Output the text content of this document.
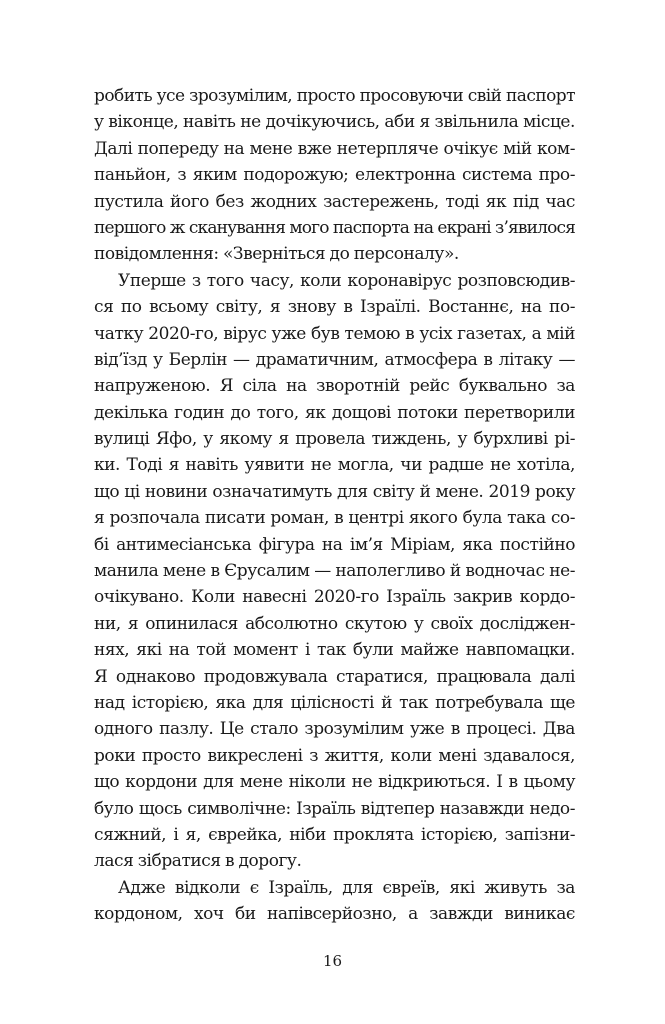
робить усе зрозумілим, просто просовуючи свій паспорт
у віконце, навіть не дочікуючись, аби я звільнила місце.
Далі попереду на мене вже нетерпляче очікує мій ком-
паньйон, з яким подорожую; електронна система про-
пустила його без жодних застережень, тоді як під час
першого ж сканування мого паспорта на екрані з’явилося
повідомлення: «Зверніться до персоналу».
Уперше з того часу, коли коронавірус розповсюдив-
ся по всьому світу, я знову в Ізраїлі. Востаннє, на по-
чатку 2020-го, вірус уже був темою в усіх газетах, а мій
від’їзд у Берлін — драматичним, атмосфера в літаку —
напруженою. Я сіла на зворотній рейс буквально за
декілька годин до того, як дощові потоки перетворили
вулиці Яфо, у якому я провела тиждень, у бурхливі рі-
ки. Тоді я навіть уявити не могла, чи радше не хотіла,
що ці новини означатимуть для світу й мене. 2019 року
я розпочала писати роман, в центрі якого була така со-
бі антимесіанська фігура на ім’я Міріам, яка постійно
манила мене в Єрусалим — наполегливо й водночас не-
очікувано. Коли навесні 2020-го Ізраїль закрив кордо-
ни, я опинилася абсолютно скутою у своїх досліджен-
нях, які на той момент і так були майже навпомацки.
Я однаково продовжувала старатися, працювала далі
над історією, яка для цілісності й так потребувала ще
одного пазлу. Це стало зрозумілим уже в процесі. Два
роки просто викреслені з життя, коли мені здавалося,
що кордони для мене ніколи не відкриються. І в цьому
було щось символічне: Ізраїль відтепер назавжди недо-
сяжний, і я, єврейка, ніби проклята історією, запізни-
лася зібратися в дорогу.
Адже відколи є Ізраїль, для євреїв, які живуть за
кордоном, хоч би напівсерйозно, а завжди виникає
16
